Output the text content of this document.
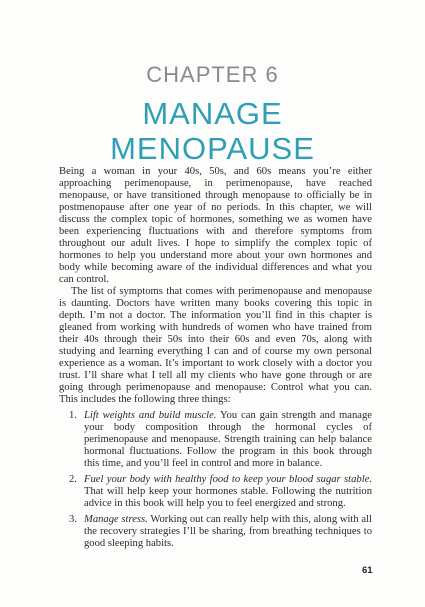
CHAPTER 6
MANAGE
MENOPAUSE

Being a woman in your 40s, 50s, and 60s means you’re either approaching perimenopause, in perimenopause, have reached menopause, or have transitioned through menopause to officially be in postmenopause after one year of no periods. In this chapter, we will discuss the complex topic of hormones, something we as women have been experiencing fluctuations with and therefore symptoms from throughout our adult lives. I hope to simplify the complex topic of hormones to help you understand more about your own hormones and body while becoming aware of the individual differences and what you can control.

The list of symptoms that comes with perimenopause and menopause is daunting. Doctors have written many books covering this topic in depth. I’m not a doctor. The information you’ll find in this chapter is gleaned from working with hundreds of women who have trained from their 40s through their 50s into their 60s and even 70s, along with studying and learning everything I can and of course my own personal experience as a woman. It’s important to work closely with a doctor you trust. I’ll share what I tell all my clients who have gone through or are going through perimenopause and menopause: Control what you can. This includes the following three things:

1. Lift weights and build muscle. You can gain strength and manage your body composition through the hormonal cycles of perimenopause and menopause. Strength training can help balance hormonal fluctuations. Follow the program in this book through this time, and you’ll feel in control and more in balance.
2. Fuel your body with healthy food to keep your blood sugar stable. That will help keep your hormones stable. Following the nutrition advice in this book will help you to feel energized and strong.
3. Manage stress. Working out can really help with this, along with all the recovery strategies I’ll be sharing, from breathing techniques to good sleeping habits.
61
